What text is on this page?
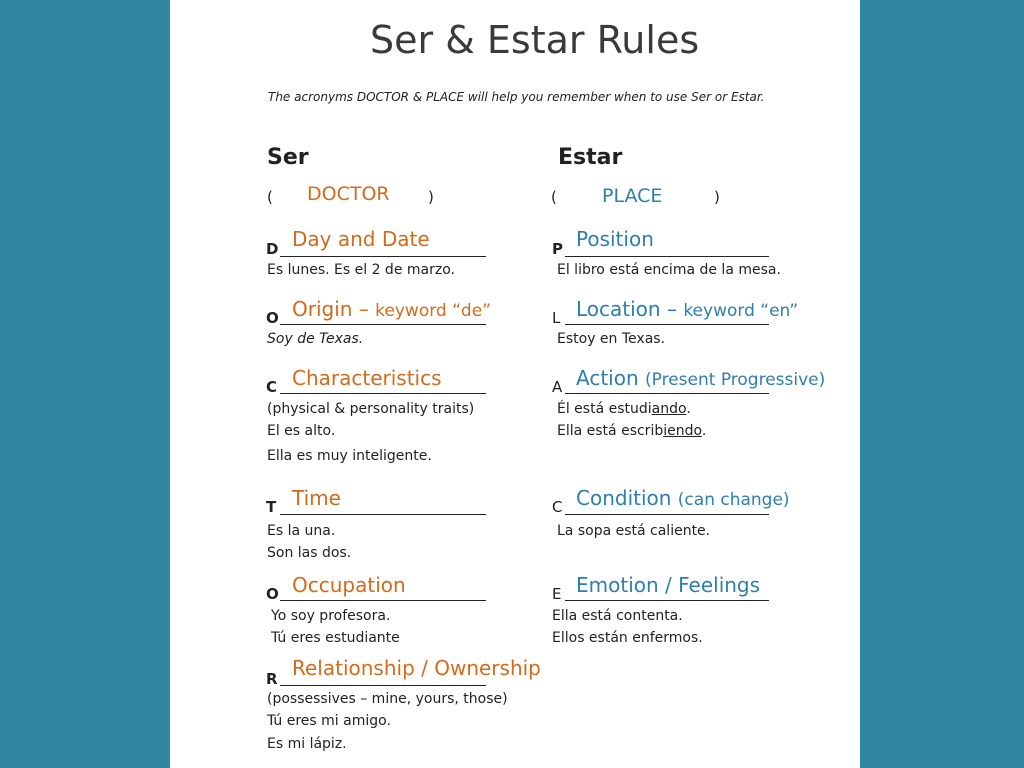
Ser & Estar Rules
The acronyms DOCTOR & PLACE will help you remember when to use Ser or Estar.
Ser
( DOCTOR	)
D Day and Date
Es lunes. Es el 2 de marzo.
O Origin – keyword “de”
Soy de Texas.
C Characteristics
(physical & personality traits)
El es alto.
Ella es muy inteligente.
T Time
Es la una.
Son las dos.
O Occupation
Yo soy profesora.
Tú eres estudiante
R Relationship / Ownership
(possessives – mine, yours, those)
Tú eres mi amigo.
Es mi lápiz.
Estar
( PLACE	)
P Position
El libro está encima de la mesa.
L Location – keyword “en”
Estoy en Texas.
A Action (Present Progressive)
Él está estudiando.
Ella está escribiendo.
C Condition (can change)
La sopa está caliente.
E Emotion / Feelings
Ella está contenta.
Ellos están enfermos.
